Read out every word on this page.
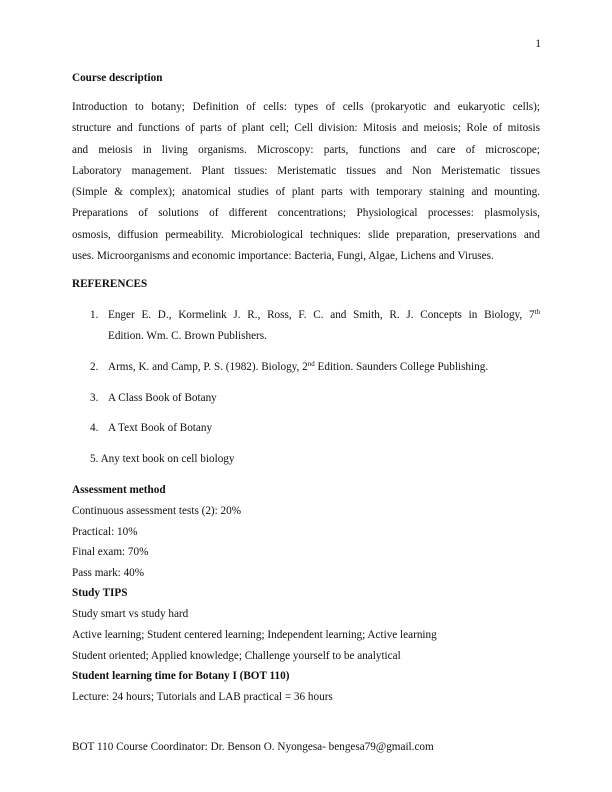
1
Course description
Introduction to botany; Definition of cells: types of cells (prokaryotic and eukaryotic cells);
structure and functions of parts of plant cell; Cell division: Mitosis and meiosis; Role of mitosis
and meiosis in living organisms. Microscopy: parts, functions and care of microscope;
Laboratory management. Plant tissues: Meristematic tissues and Non Meristematic tissues
(Simple & complex); anatomical studies of plant parts with temporary staining and mounting.
Preparations of solutions of different concentrations; Physiological processes: plasmolysis,
osmosis, diffusion permeability. Microbiological techniques: slide preparation, preservations and
uses. Microorganisms and economic importance: Bacteria, Fungi, Algae, Lichens and Viruses.
REFERENCES
1. Enger E. D., Kormelink J. R., Ross, F. C. and Smith, R. J. Concepts in Biology, 7th
Edition. Wm. C. Brown Publishers.
2. Arms, K. and Camp, P. S. (1982). Biology, 2nd Edition. Saunders College Publishing.
3. A Class Book of Botany
4. A Text Book of Botany
5. Any text book on cell biology
Assessment method
Continuous assessment tests (2): 20%
Practical: 10%
Final exam: 70%
Pass mark: 40%
Study TIPS
Study smart vs study hard
Active learning; Student centered learning; Independent learning; Active learning
Student oriented; Applied knowledge; Challenge yourself to be analytical
Student learning time for Botany I (BOT 110)
Lecture: 24 hours; Tutorials and LAB practical = 36 hours
BOT 110 Course Coordinator: Dr. Benson O. Nyongesa- bengesa79@gmail.com
